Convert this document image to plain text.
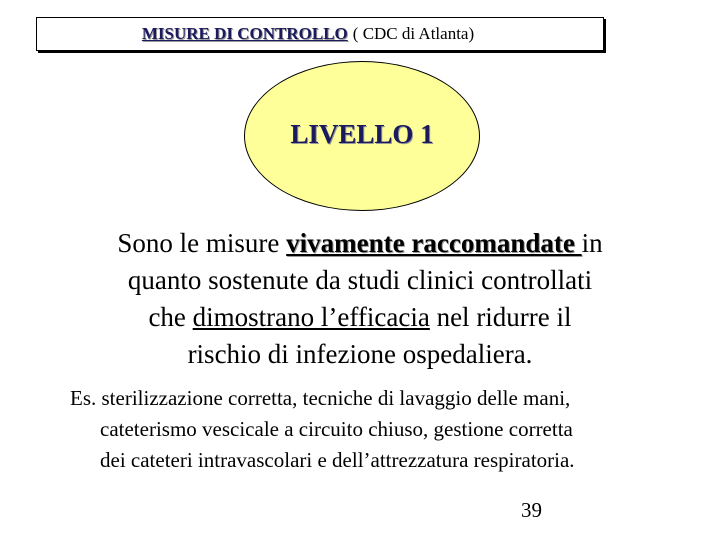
MISURE DI CONTROLLO ( CDC di Atlanta)
LIVELLO 1

Sono le misure vivamente raccomandate in
quanto sostenute da studi clinici controllati
che dimostrano l’efficacia nel ridurre il
rischio di infezione ospedaliera.

Es. sterilizzazione corretta, tecniche di lavaggio delle mani,
cateterismo vescicale a circuito chiuso, gestione corretta
dei cateteri intravascolari e dell’attrezzatura respiratoria.

39
